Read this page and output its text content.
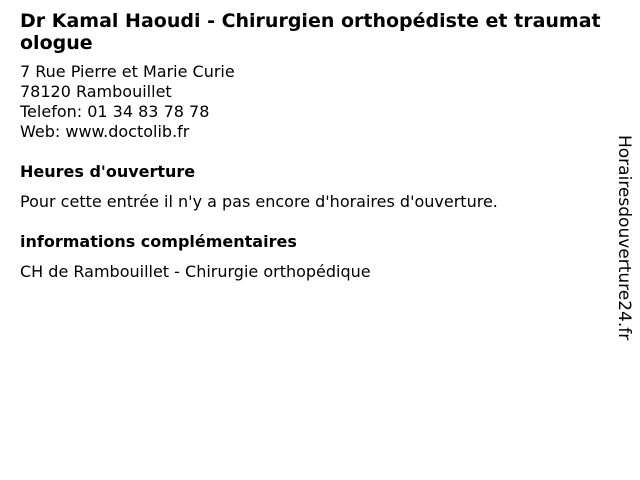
Dr Kamal Haoudi - Chirurgien orthopédiste et traumatologue

7 Rue Pierre et Marie Curie

78120 Rambouillet

Telefon: 01 34 83 78 78

Web: www.doctolib.fr

Heures d'ouverture

Pour cette entrée il n'y a pas encore d'horaires d'ouverture.

informations complémentaires

CH de Rambouillet - Chirurgie orthopédique	Horairesdouverture24.fr
